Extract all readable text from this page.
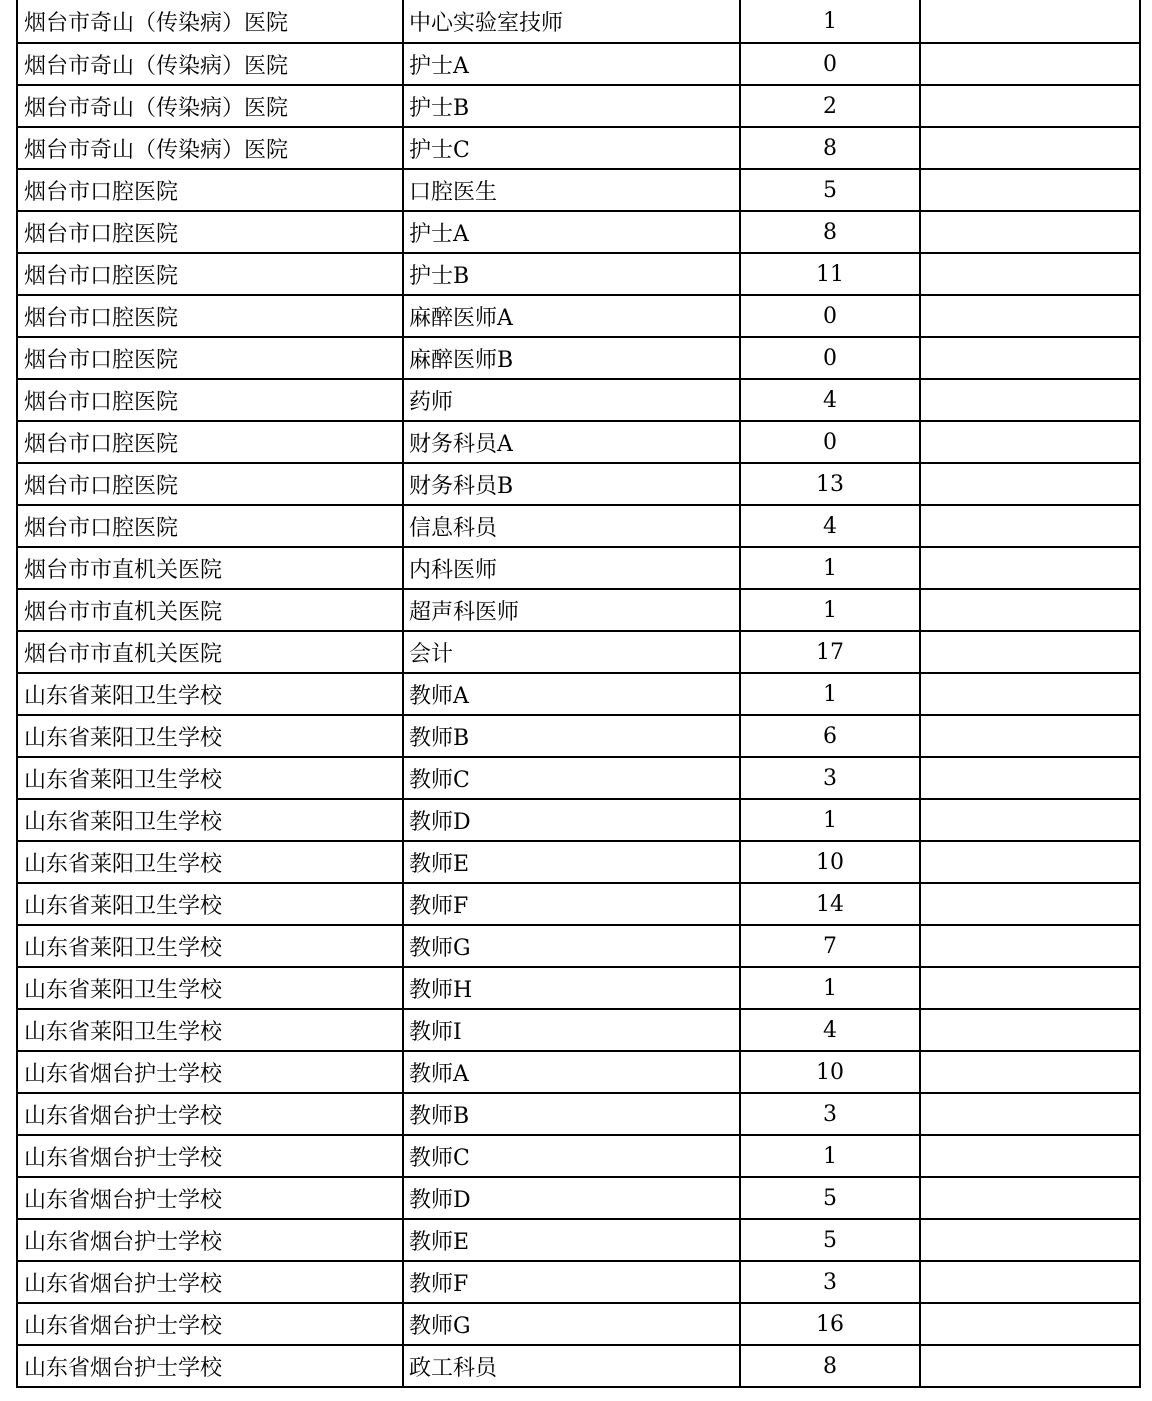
烟台市奇山（传染病）医院	中心实验室技师	1	
烟台市奇山（传染病）医院	护士A	0	
烟台市奇山（传染病）医院	护士B	2	
烟台市奇山（传染病）医院	护士C	8	
烟台市口腔医院	口腔医生	5	
烟台市口腔医院	护士A	8	
烟台市口腔医院	护士B	11	
烟台市口腔医院	麻醉医师A	0	
烟台市口腔医院	麻醉医师B	0	
烟台市口腔医院	药师	4	
烟台市口腔医院	财务科员A	0	
烟台市口腔医院	财务科员B	13	
烟台市口腔医院	信息科员	4	
烟台市市直机关医院	内科医师	1	
烟台市市直机关医院	超声科医师	1	
烟台市市直机关医院	会计	17	
山东省莱阳卫生学校	教师A	1	
山东省莱阳卫生学校	教师B	6	
山东省莱阳卫生学校	教师C	3	
山东省莱阳卫生学校	教师D	1	
山东省莱阳卫生学校	教师E	10	
山东省莱阳卫生学校	教师F	14	
山东省莱阳卫生学校	教师G	7	
山东省莱阳卫生学校	教师H	1	
山东省莱阳卫生学校	教师I	4	
山东省烟台护士学校	教师A	10	
山东省烟台护士学校	教师B	3	
山东省烟台护士学校	教师C	1	
山东省烟台护士学校	教师D	5	
山东省烟台护士学校	教师E	5	
山东省烟台护士学校	教师F	3	
山东省烟台护士学校	教师G	16	
山东省烟台护士学校	政工科员	8	
